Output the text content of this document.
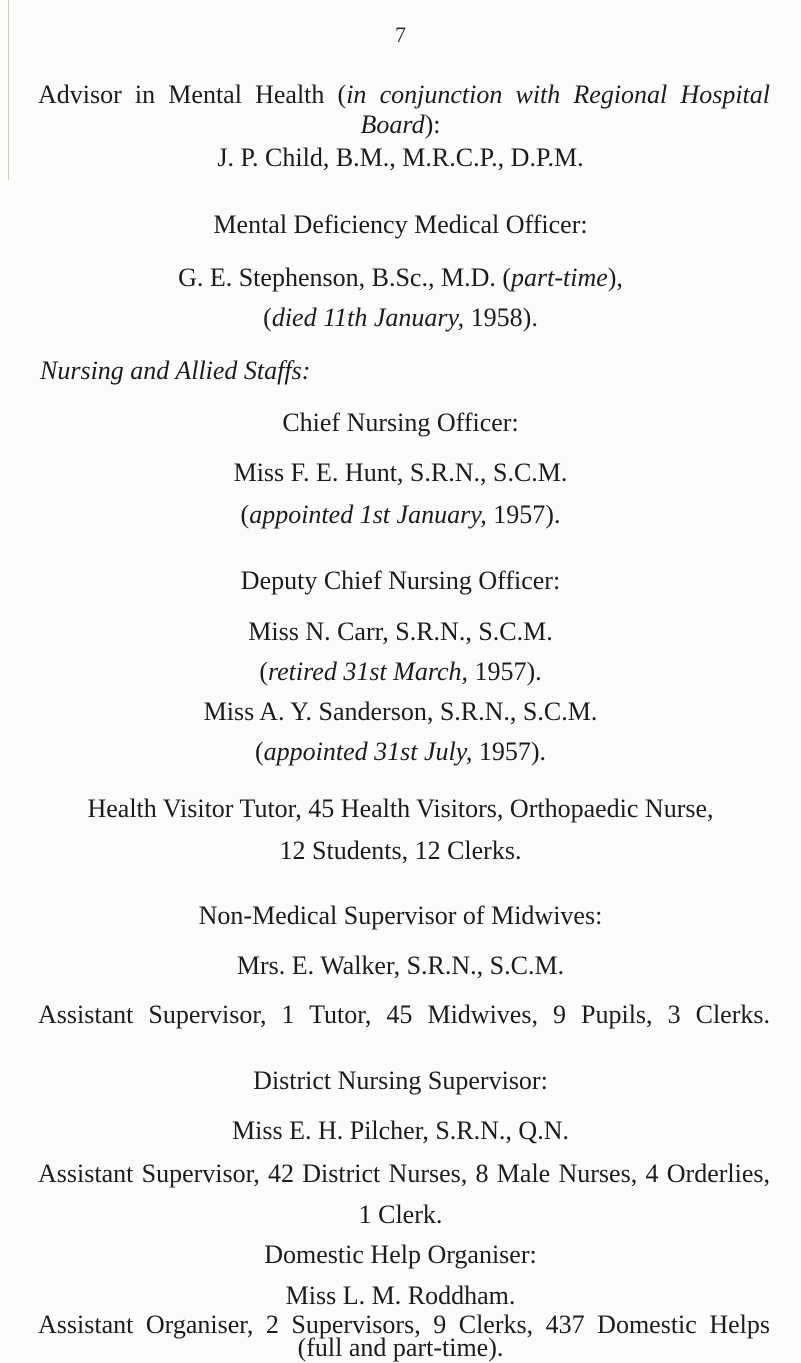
7

Advisor in Mental Health (in conjunction with Regional Hospital

Board):

J. P. Child, B.M., M.R.C.P., D.P.M.

Mental Deficiency Medical Officer:

G. E. Stephenson, B.Sc., M.D. (part-time),

(died 11th January, 1958).

Nursing and Allied Staffs:

Chief Nursing Officer:

Miss F. E. Hunt, S.R.N., S.C.M.

(appointed 1st January, 1957).

Deputy Chief Nursing Officer:

Miss N. Carr, S.R.N., S.C.M.

(retired 31st March, 1957).

Miss A. Y. Sanderson, S.R.N., S.C.M.

(appointed 31st July, 1957).

Health Visitor Tutor, 45 Health Visitors, Orthopaedic Nurse,

12 Students, 12 Clerks.

Non-Medical Supervisor of Midwives:

Mrs. E. Walker, S.R.N., S.C.M.

Assistant Supervisor, 1 Tutor, 45 Midwives, 9 Pupils, 3 Clerks.

District Nursing Supervisor:

Miss E. H. Pilcher, S.R.N., Q.N.

Assistant Supervisor, 42 District Nurses, 8 Male Nurses, 4 Orderlies,

1 Clerk.

Domestic Help Organiser:

Miss L. M. Roddham.

Assistant Organiser, 2 Supervisors, 9 Clerks, 437 Domestic Helps

(full and part-time).
